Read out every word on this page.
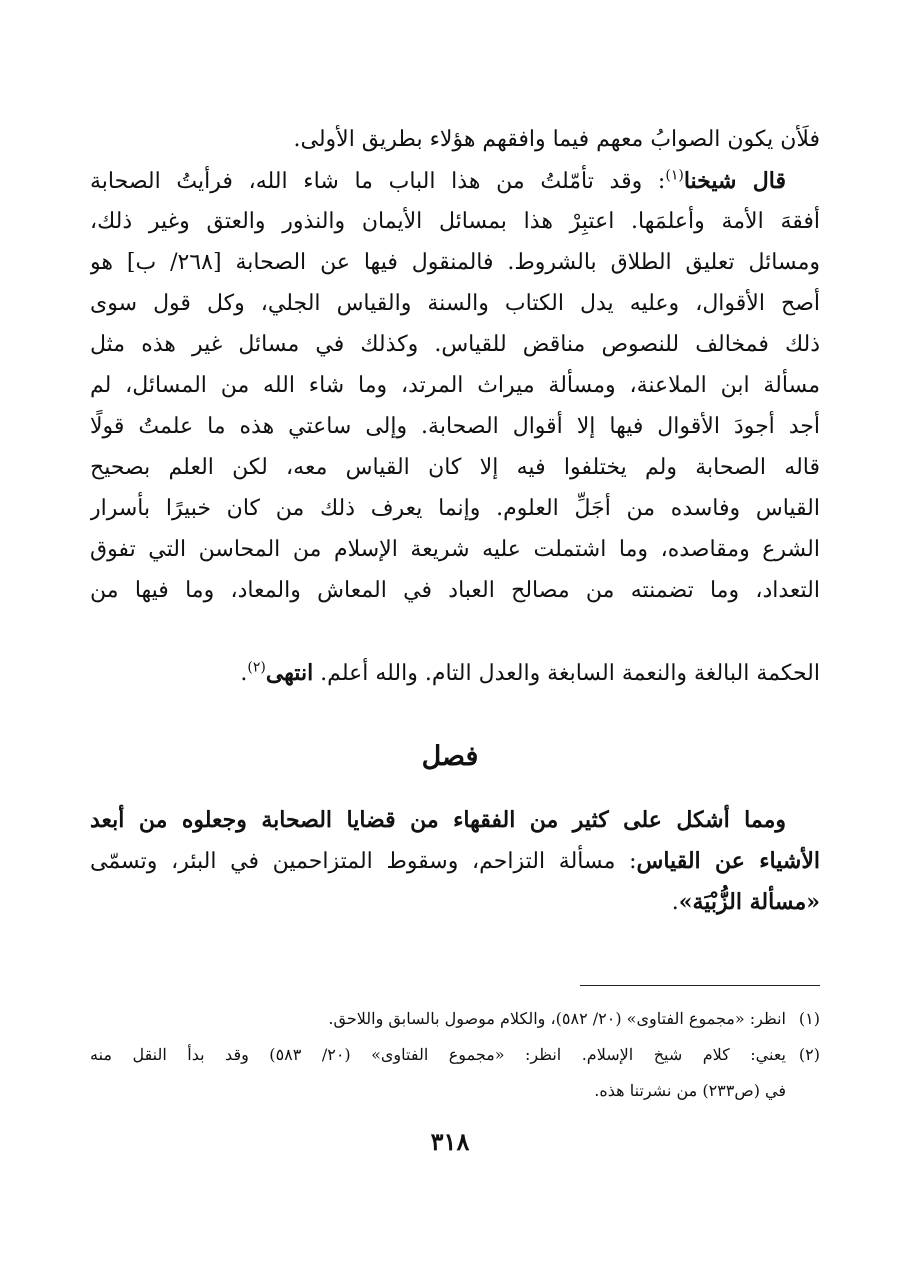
فلَأن يكون الصوابُ معهم فيما وافقهم هؤلاء بطريق الأولى.
قال شيخنا$^{(١)}$: وقد تأمّلتُ من هذا الباب ما شاء الله، فرأيتُ الصحابة
أفقهَ الأمة وأعلمَها. اعتبِرْ هذا بمسائل الأيمان والنذور والعتق وغير ذلك،
ومسائل تعليق الطلاق بالشروط. فالمنقول فيها عن الصحابة [٢٦٨/ ب] هو
أصح الأقوال، وعليه يدل الكتاب والسنة والقياس الجلي، وكل قول سوى
ذلك فمخالف للنصوص مناقض للقياس. وكذلك في مسائل غير هذه مثل
مسألة ابن الملاعنة، ومسألة ميراث المرتد، وما شاء الله من المسائل، لم
أجد أجودَ الأقوال فيها إلا أقوال الصحابة. وإلى ساعتي هذه ما علمتُ قولًا
قاله الصحابة ولم يختلفوا فيه إلا كان القياس معه، لكن العلم بصحيح
القياس وفاسده من أجَلِّ العلوم. وإنما يعرف ذلك من كان خبيرًا بأسرار
الشرع ومقاصده، وما اشتملت عليه شريعة الإسلام من المحاسن التي تفوق
التعداد، وما تضمنته من مصالح العباد في المعاش والمعاد، وما فيها من
الحكمة البالغة والنعمة السابغة والعدل التام. والله أعلم. انتهى$^{(٢)}$.
فصل
ومما أشكل على كثير من الفقهاء من قضايا الصحابة وجعلوه من أبعد
الأشياء عن القياس: مسألة التزاحم، وسقوط المتزاحمين في البئر، وتسمّى
«مسألة الزُّبْيَة».
(١)انظر: «مجموع الفتاوى» (٢٠/ ٥٨٢)، والكلام موصول بالسابق واللاحق.
(٢)يعني: كلام شيخ الإسلام. انظر: «مجموع الفتاوى» (٢٠/ ٥٨٣) وقد بدأ النقل منه
في (ص٢٣٣) من نشرتنا هذه.
٣١٨
